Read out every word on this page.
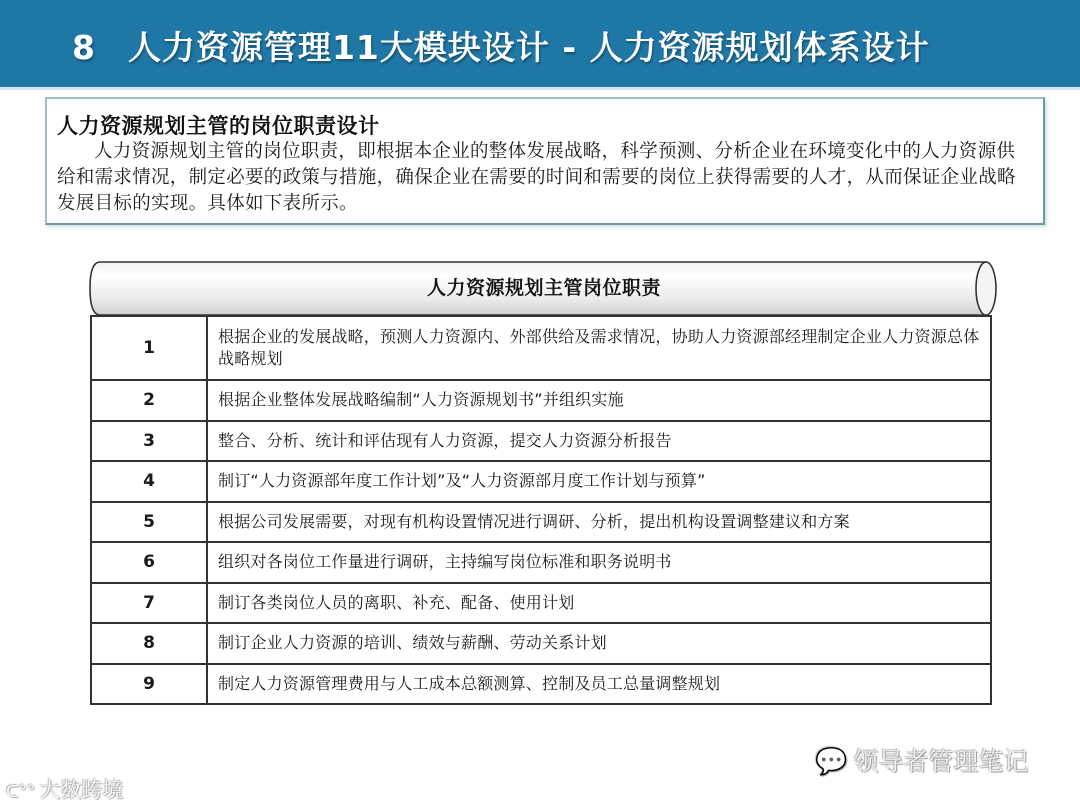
8 人力资源管理11大模块设计 - 人力资源规划体系设计
人力资源规划主管的岗位职责设计
人力资源规划主管的岗位职责，即根据本企业的整体发展战略，科学预测、分析企业在环境变化中的人力资源供给和需求情况，制定必要的政策与措施，确保企业在需要的时间和需要的岗位上获得需要的人才，从而保证企业战略发展目标的实现。具体如下表所示。
人力资源规划主管岗位职责
1	根据企业的发展战略，预测人力资源内、外部供给及需求情况，协助人力资源部经理制定企业人力资源总体战略规划
2	根据企业整体发展战略编制“人力资源规划书”并组织实施
3	整合、分析、统计和评估现有人力资源，提交人力资源分析报告
4	制订“人力资源部年度工作计划”及“人力资源部月度工作计划与预算”
5	根据公司发展需要，对现有机构设置情况进行调研、分析，提出机构设置调整建议和方案
6	组织对各岗位工作量进行调研，主持编写岗位标准和职务说明书
7	制订各类岗位人员的离职、补充、配备、使用计划
8	制订企业人力资源的培训、绩效与薪酬、劳动关系计划
9	制定人力资源管理费用与人工成本总额测算、控制及员工总量调整规划
ᑕ°° 大数跨境
💬 领导者管理笔记
